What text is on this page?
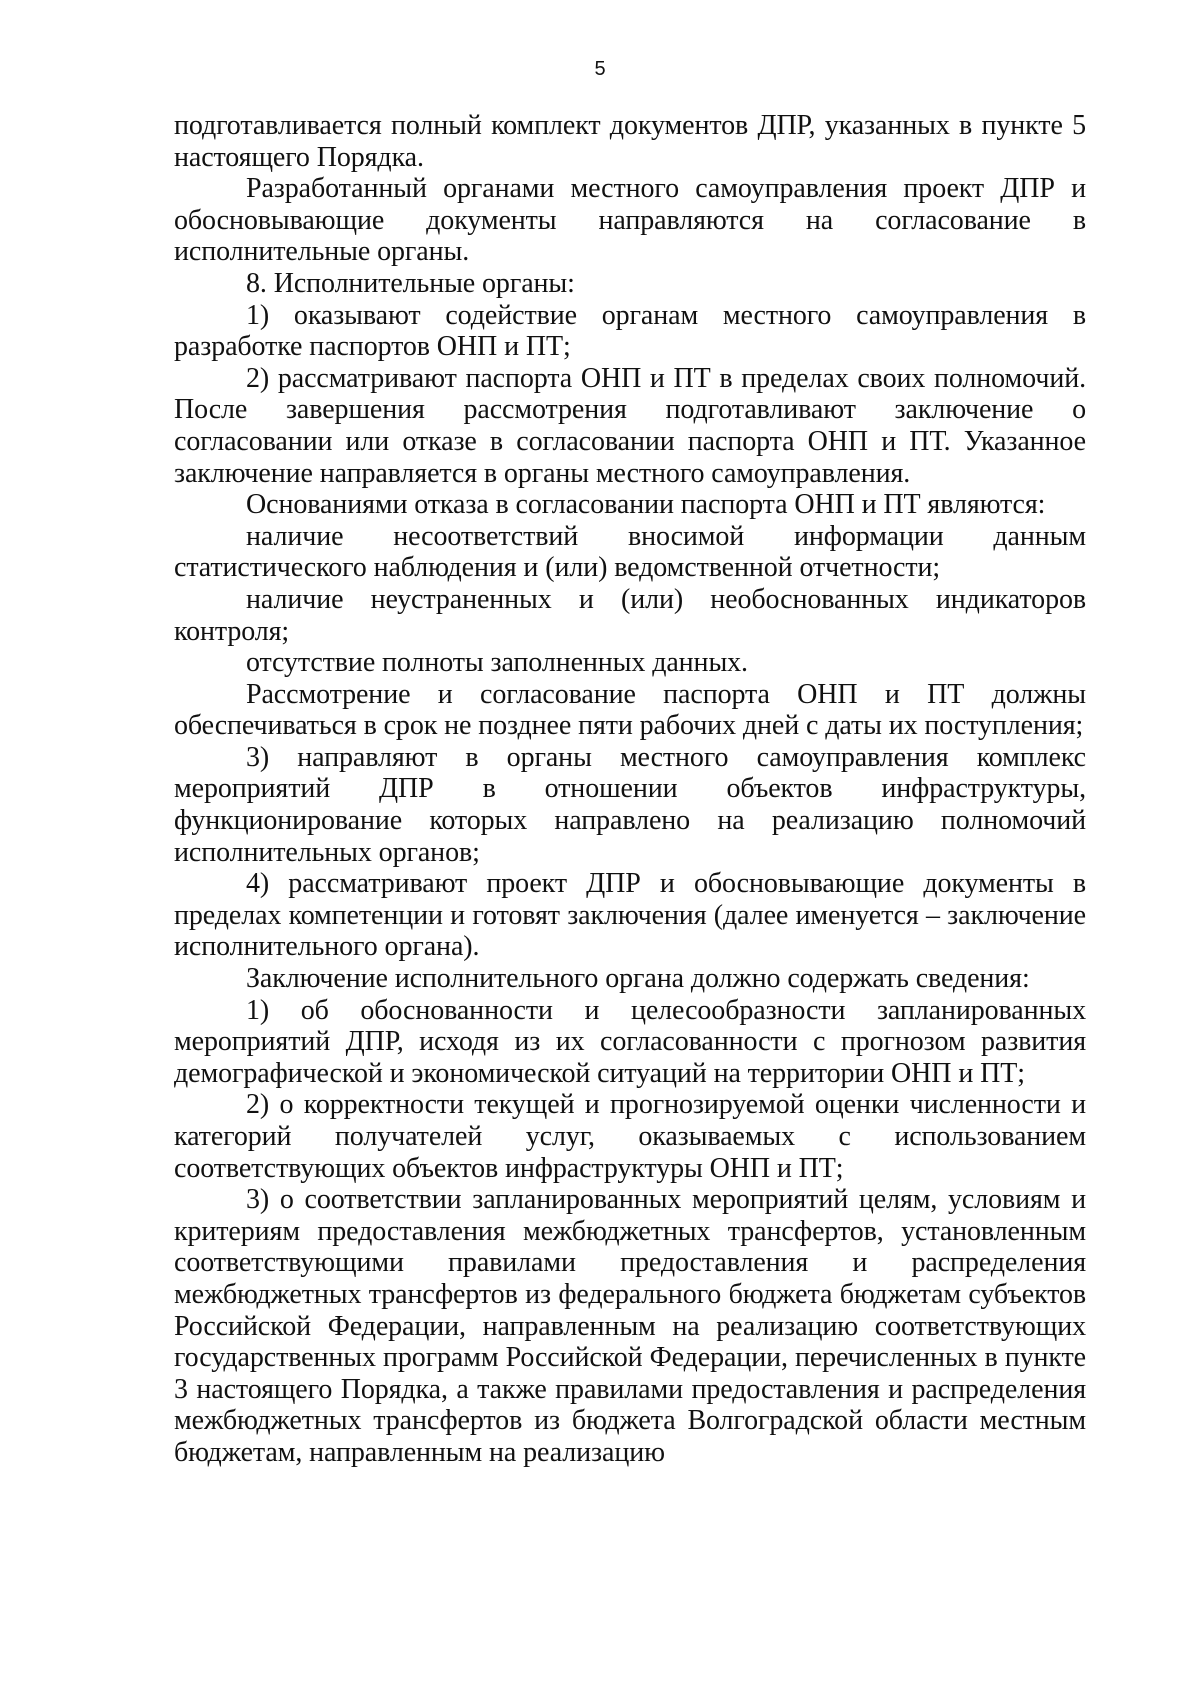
5

подготавливается полный комплект документов ДПР, указанных в пункте 5 настоящего Порядка.

Разработанный органами местного самоуправления проект ДПР и обосновывающие документы направляются на согласование в исполнительные органы.

8. Исполнительные органы:

1) оказывают содействие органам местного самоуправления в разработке паспортов ОНП и ПТ;

2) рассматривают паспорта ОНП и ПТ в пределах своих полномочий. После завершения рассмотрения подготавливают заключение о согласовании или отказе в согласовании паспорта ОНП и ПТ. Указанное заключение направляется в органы местного самоуправления.

Основаниями отказа в согласовании паспорта ОНП и ПТ являются:

наличие несоответствий вносимой информации данным статистического наблюдения и (или) ведомственной отчетности;

наличие неустраненных и (или) необоснованных индикаторов контроля;

отсутствие полноты заполненных данных.

Рассмотрение и согласование паспорта ОНП и ПТ должны обеспечиваться в срок не позднее пяти рабочих дней с даты их поступления;

3) направляют в органы местного самоуправления комплекс мероприятий ДПР в отношении объектов инфраструктуры, функционирование которых направлено на реализацию полномочий исполнительных органов;

4) рассматривают проект ДПР и обосновывающие документы в пределах компетенции и готовят заключения (далее именуется – заключение исполнительного органа).

Заключение исполнительного органа должно содержать сведения:

1) об обоснованности и целесообразности запланированных мероприятий ДПР, исходя из их согласованности с прогнозом развития демографической и экономической ситуаций на территории ОНП и ПТ;

2) о корректности текущей и прогнозируемой оценки численности и категорий получателей услуг, оказываемых с использованием соответствующих объектов инфраструктуры ОНП и ПТ;

3) о соответствии запланированных мероприятий целям, условиям и критериям предоставления межбюджетных трансфертов, установленным соответствующими правилами предоставления и распределения межбюджетных трансфертов из федерального бюджета бюджетам субъектов Российской Федерации, направленным на реализацию соответствующих государственных программ Российской Федерации, перечисленных в пункте 3 настоящего Порядка, а также правилами предоставления и распределения межбюджетных трансфертов из бюджета Волгоградской области местным бюджетам, направленным на реализацию
